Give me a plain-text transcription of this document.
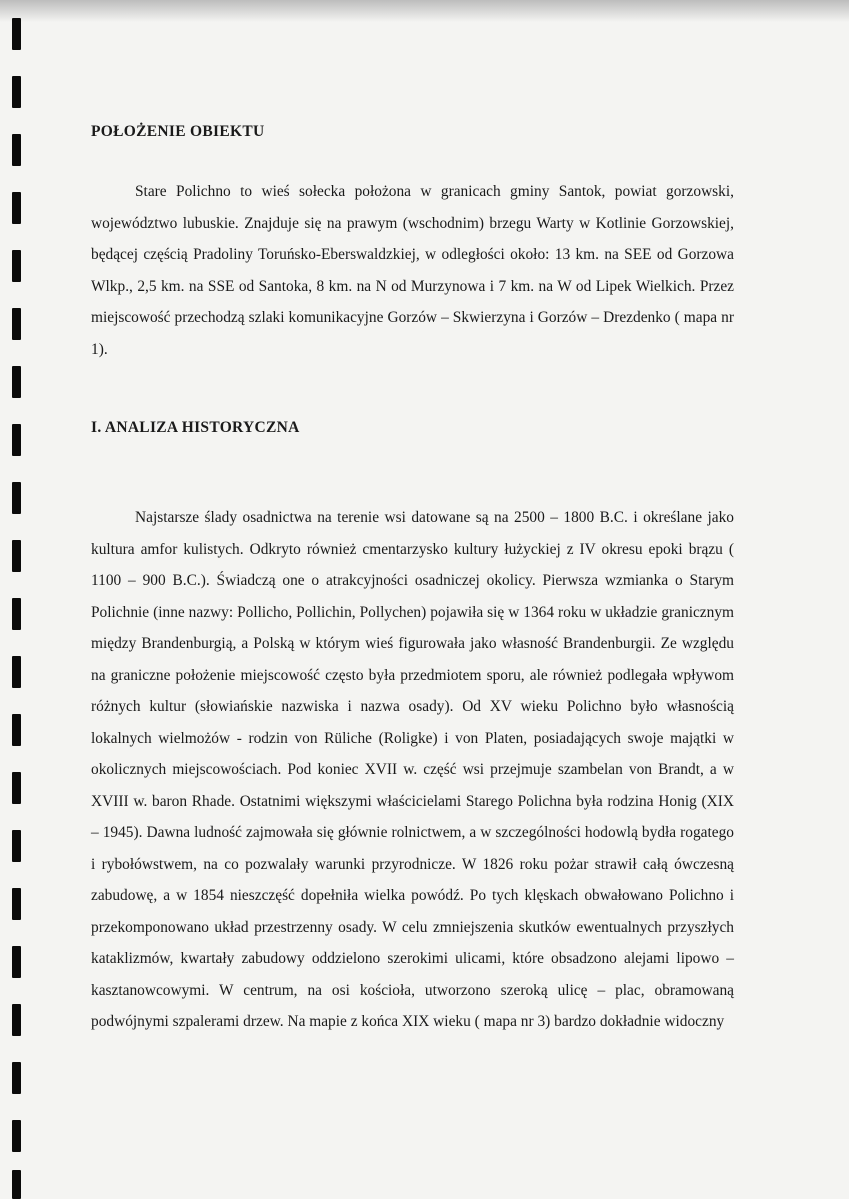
POŁOŻENIE OBIEKTU

Stare Polichno to wieś sołecka położona w granicach gminy Santok, powiat gorzowski, województwo lubuskie. Znajduje się na prawym (wschodnim) brzegu Warty w Kotlinie Gorzowskiej, będącej częścią Pradoliny Toruńsko-Eberswaldzkiej, w odległości około: 13 km. na SEE od Gorzowa Wlkp., 2,5 km. na SSE od Santoka, 8 km. na N od Murzynowa i 7 km. na W od Lipek Wielkich. Przez miejscowość przechodzą szlaki komunikacyjne Gorzów – Skwierzyna i Gorzów – Drezdenko ( mapa nr 1).

I. ANALIZA HISTORYCZNA

Najstarsze ślady osadnictwa na terenie wsi datowane są na 2500 – 1800 B.C. i określane jako kultura amfor kulistych. Odkryto również cmentarzysko kultury łużyckiej z IV okresu epoki brązu ( 1100 – 900 B.C.). Świadczą one o atrakcyjności osadniczej okolicy. Pierwsza wzmianka o Starym Polichnie (inne nazwy: Pollicho, Pollichin, Pollychen) pojawiła się w 1364 roku w układzie granicznym między Brandenburgią, a Polską w którym wieś figurowała jako własność Brandenburgii. Ze względu na graniczne położenie miejscowość często była przedmiotem sporu, ale również podlegała wpływom różnych kultur (słowiańskie nazwiska i nazwa osady). Od XV wieku Polichno było własnością lokalnych wielmożów - rodzin von Rüliche (Roligke) i von Platen, posiadających swoje majątki w okolicznych miejscowościach. Pod koniec XVII w. część wsi przejmuje szambelan von Brandt, a w XVIII w. baron Rhade. Ostatnimi większymi właścicielami Starego Polichna była rodzina Honig (XIX – 1945). Dawna ludność zajmowała się głównie rolnictwem, a w szczególności hodowlą bydła rogatego i rybołówstwem, na co pozwalały warunki przyrodnicze. W 1826 roku pożar strawił całą ówczesną zabudowę, a w 1854 nieszczęść dopełniła wielka powódź. Po tych klęskach obwałowano Polichno i przekomponowano układ przestrzenny osady. W celu zmniejszenia skutków ewentualnych przyszłych kataklizmów, kwartały zabudowy oddzielono szerokimi ulicami, które obsadzono alejami lipowo – kasztanowcowymi. W centrum, na osi kościoła, utworzono szeroką ulicę – plac, obramowaną podwójnymi szpalerami drzew. Na mapie z końca XIX wieku ( mapa nr 3) bardzo dokładnie widoczny
